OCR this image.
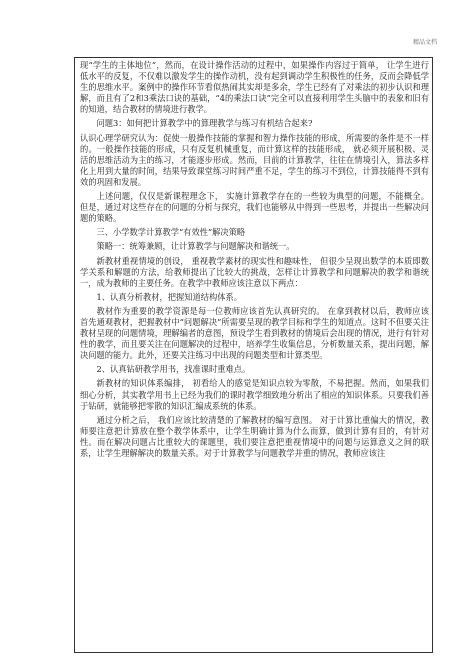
精品文档

现“学生的主体地位”，然而，在设计操作活动的过程中，如果操作内容过于简单， 让学生进行低水平的反复，不仅难以激发学生的操作动机，没有起到调动学生积极性的任务，反而会降低学生的思维水平。案例中的操作环节看似热闹其实却是多余，学生已经有了对乘法的初步认识和理解，而且有了2和3乘法口诀的基础，“4的乘法口诀”完全可以直接利用学生头脑中的表象和旧有的知道，结合教材的情境进行教学。

问题3：如何把计算教学中的算理教学与练习有机结合起来?

认识心理学研究认为：促使一般操作技能的掌握和智力操作技能的形成，所需要的条件是不一样的。一般操作技能的形成，只有反复机械重复，而计算这样的技能形成， 就必须开展积极、灵活的思维活动为主的练习，才能逐步形成。然而，目前的计算教学，往往在情境引入，算法多样化上用到大量的时间，结果导致课堂练习时间严重不足，学生的练习不到位，计算技能得不到有效的巩固和发展。

上述问题，仅仅是新课程理念下， 实施计算教学存在的一些较为典型的问题，不能概全。但是，通过对这些存在的问题的分析与探究，我们也能够从中得到一些思考，并提出一些解决问题的策略。

三、小学数学计算教学“有效性”解决策略

策略一：统筹兼顾，让计算教学与问题解决和谐统一。

新教材重视情境的创设， 重视教学素材的现实性和趣味性， 但很少呈现出数学的本质即数学关系和解题的方法，给教师提出了比较大的挑战，怎样让计算教学和问题解决的教学和谐统一，成为教师的主要任务。在教学中教师应该注意以下两点：

1、认真分析教材，把握知道结构体系。

教材作为重要的教学资源是每一位教师应该首先认真研究的。 在拿到教材以后，教师应该首先通观教材，把握教材中“问题解决”所需要呈现的教学目标和学生的知道点。这时不但要关注教材呈现的问题情境，理解编者的意图，预设学生看到教材的情境后会出现的情况，进行有针对性的教学，而且要关注在问题解决的过程中，培养学生收集信息，分析数量关系，提出问题，解决问题的能力。此外，还要关注练习中出现的问题类型和计算类型。

2、认真钻研教学用书，找准课时重难点。

新教材的知识体系编排， 初看给人的感觉是知识点较为零散，不易把握。然而，如果我们细心分析，其实教学用书上已经为我们的课时教学细致地分析出了相应的知识体系。只要我们善于钻研，就能够把零散的知识汇编成系统的体系。

通过分析之后， 我们应该比较清楚的了解教材的编写意图。 对于计算比重偏大的情况，教师要注意把计算放在整个教学体系中，让学生明确计算为什么而算，做到计算有目的，有针对性。而在解决问题占比重较大的课题里，我们要注意把重视情境中的问题与运算意义之间的联系，让学生理解解决的数量关系。对于计算教学与问题教学并重的情况，教师应该注
